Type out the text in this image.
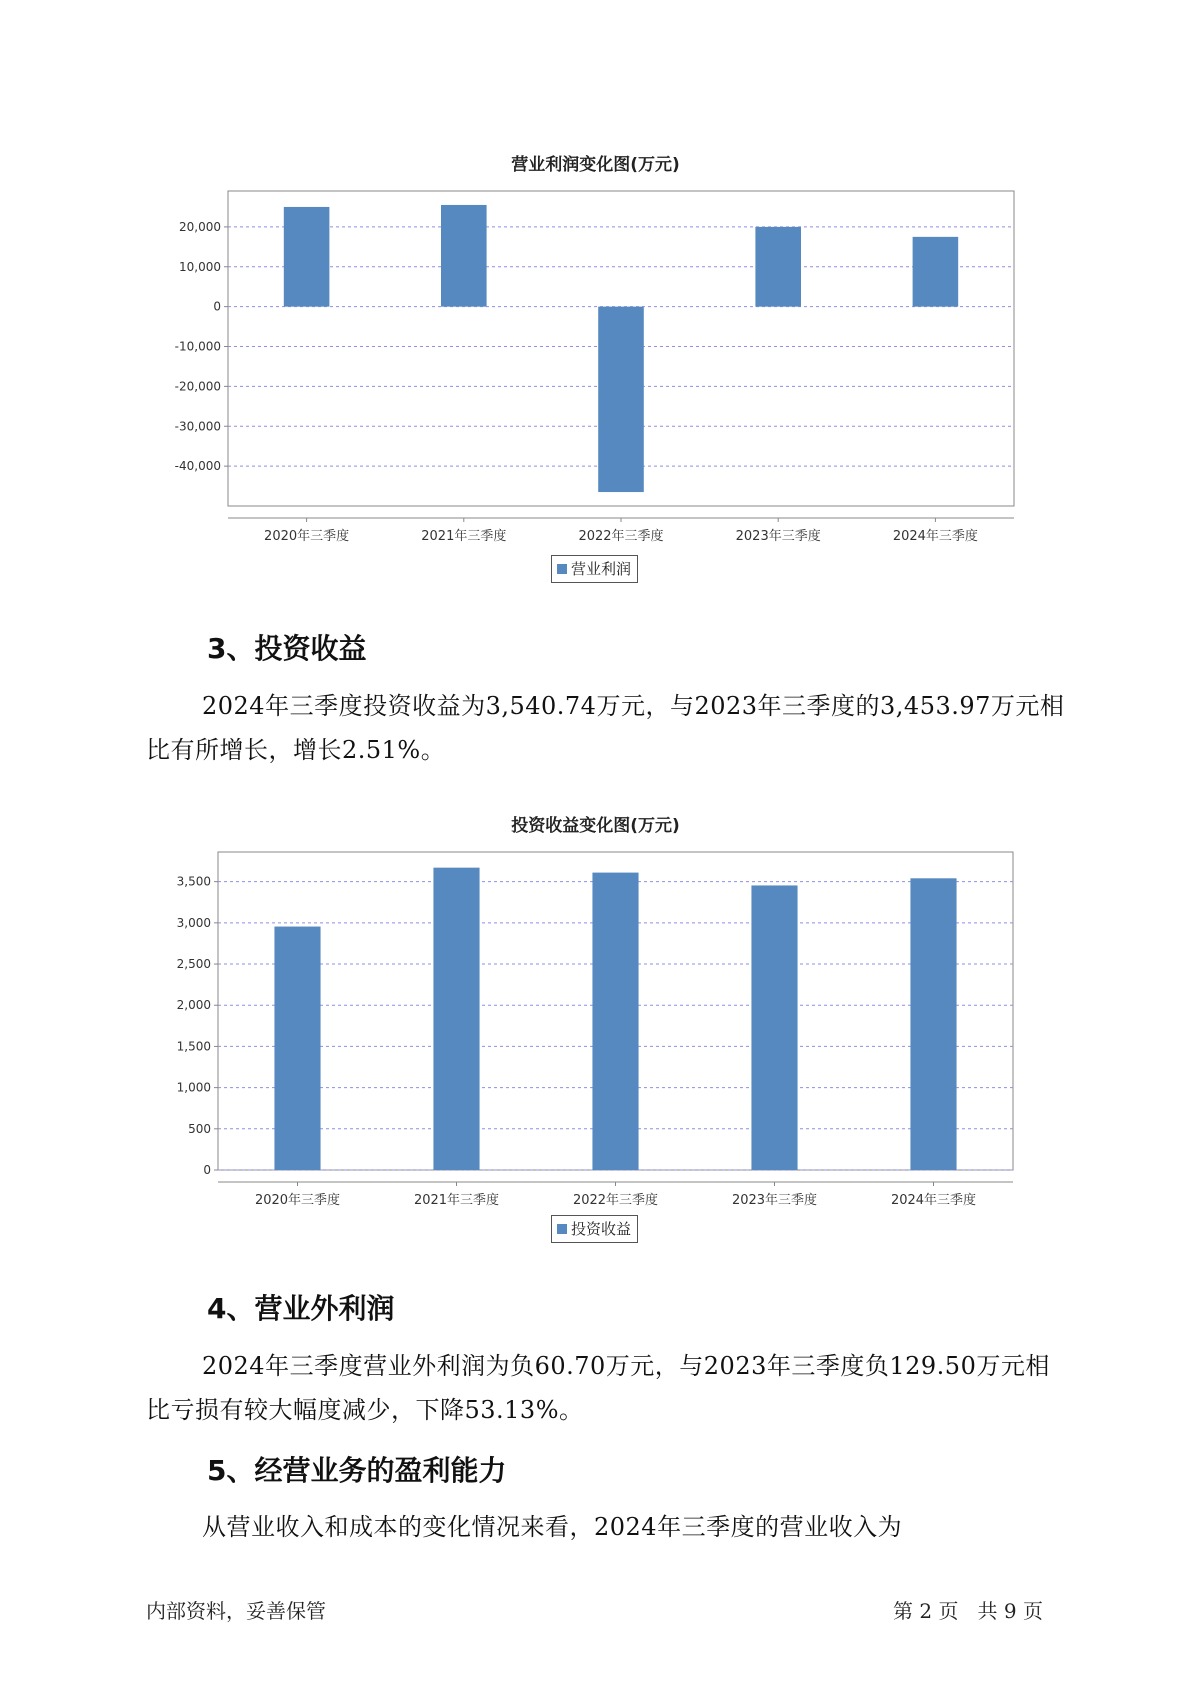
营业利润变化图(万元)
20,000
10,000
0
-10,000
-20,000
-30,000
-40,000
2020年三季度	2021年三季度	2022年三季度	2023年三季度	2024年三季度
营业利润
3、投资收益
2024年三季度投资收益为3,540.74万元，与2023年三季度的3,453.97万元相比有所增长，增长2.51%。
投资收益变化图(万元)
3,500
3,000
2,500
2,000
1,500
1,000
500
0
2020年三季度	2021年三季度	2022年三季度	2023年三季度	2024年三季度
投资收益
4、营业外利润
2024年三季度营业外利润为负60.70万元，与2023年三季度负129.50万元相比亏损有较大幅度减少，下降53.13%。
5、经营业务的盈利能力
从营业收入和成本的变化情况来看，2024年三季度的营业收入为
内部资料，妥善保管	第 2 页   共 9 页
